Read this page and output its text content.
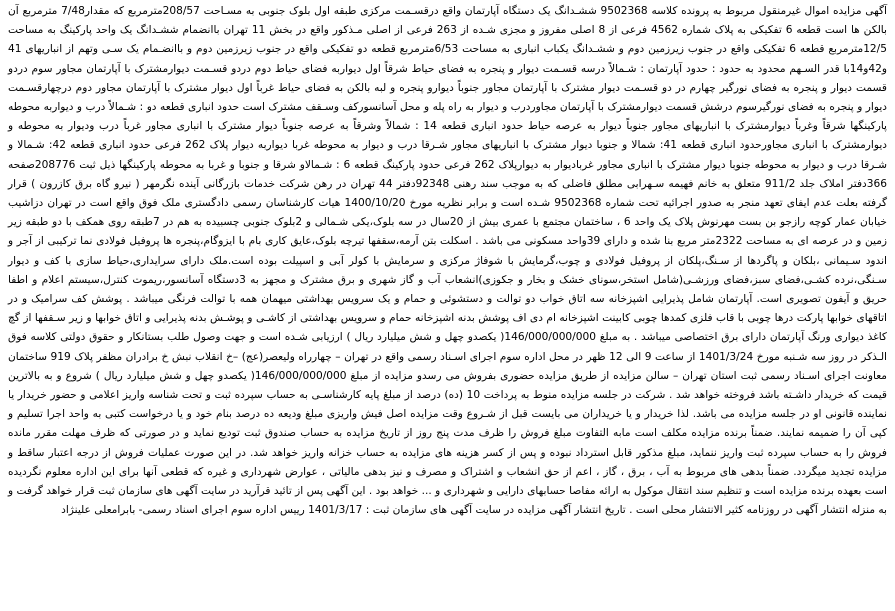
آگهی مزایده اموال غیرمنقول مربوط به پرونده کلاسه 9502368 ششـدانگ یک دستگاه آپارتمان واقع درقسـمت مرکزی طبقه اول بلوک جنوبی به مسـاحت 208/57مترمربع که مقدار7/48 مترمربع آن بالکن ها است قطعه 6 تفکیکی به پلاک شماره 4562 فرعی از 8 اصلی مفروز و مجزی شـده از 263 فرعی از اصلی مـذکور واقع در بخش 11 تهران باانضمام ششـدانگ یک واحد پارکینگ به مساحت 12/5مترمربع قطعه 6 تفکیکی واقع در جنوب زیرزمین دوم و ششـدانگ یکباب انباری به مساحت 6/53مترمربع قطعه دو تفکیکی واقع در جنوب زیرزمین دوم و باانضـمام یک سـی وتهم از انباریهای 41 و42و14با قدر السـهم محدود به حدود : حدود آپارتمان : شـمالاً درسه قسـمت دیوار و پنجره به فضای حیاط شرقاً اول دیواربه فضای حیاط دوم دردو قسـمت دیوارمشترک با آپارتمان مجاور سوم دردو قسمت دیوار و پنجره به فضای نورگیر چهارم در دو قسـمت دیوار مشترک با آپارتمان مجاور جنوباً دیوارو پنجره و لبه بالکن به فضای حیاط غرباً اول دیوار مشترک با آپارتمان مجاور دوم درچهارقسـمت دیوار و پنجره به فضای نورگیرسوم درشش قسمت دیوارمشترک با آپارتمان مجاوردرب و دیوار به راه پله و محل آسانسورکف وسـقف مشترک است حدود انباری قطعه دو : شـمالاً درب و دیواربه محوطه پارکینگها شرقاً وغرباً دیوارمشترک با انباریهای مجاور جنوباً دیوار به عرصه حیاط حدود انباری قطعه 14 : شمالاً وشرقاً به عرصه جنوباً دیوار مشترک با انباری مجاور غرباً درب ودیوار به محوطه و دیوارمشترک با انباری مجاورحدود انباری قطعه 41: شمالا و جنوبا دیوار مشترک با انباریهای مجاور شـرقا درب و دیوار به محوطه غربا دیواربه دیوار پلاک 262 فرعی حدود انباری قطعه 42: شـمالا و شـرقا درب و دیوار به محوطه جنوبا دیوار مشترک با انباری مجاور غربادیوار به دیوارپلاک 262 فرعی حدود پارکینگ قطعه 6 : شـمالاو شرقا و جنوبا و غربا به محوطه پارکینگها ذیل ثبت 208776صفحه 366دفتر املاک جلد 911/2 متعلق به خانم فهیمه سـهرابی مطلق فاضلی که به موجب سند رهنی 92348دفتر 44 تهران در رهن شرکت خدمات بازرگانی آینده نگرمهر ( نیرو گاه برق کازرون ) قرار گرفته بعلت عدم ایفای تعهد منجر به صدور اجرائیه تحت شماره 9502368 شـده است و برابر نظریه مورخ 1400/10/20 هیات کارشناسان رسمی دادگستری ملک فوق واقع است در تهران دزاشیب خیابان عمار کوچه رازجو بن بست مهرنوش پلاک یک واحد 6 ، ساختمان مجتمع با عمری بیش از 20سال در سه بلوک،یکی شـمالی و 2بلوک جنوبی چسبیده به هم در 7طبقه روی همکف با دو طبقه زیر زمین و در عرصه ای به مساحت 2322متر مربع بنا شده و دارای 39واحد مسکونی می باشد . اسکلت بتن آرمه،سقفها تیرچه بلوک،عایق کاری بام با ایزوگام،پنجره ها پروفیل فولادی نما ترکیبی از آجر و اندود سـیمانی ،بلکان و پاگردها از سـنگ،پلکان از پروفیل فولادی و چوب،گرمایش با شوفاژ مرکزی و سرمایش با کولر آبی و اسپیلت بوده است.ملک دارای سرایداری،حیاط سازی با کف و دیوار سـنگی،نرده کشـی،فضای سبز،فضای ورزشـی(شامل استخر،سونای خشک و بخار و جکوزی)انشعاب آب و گاز شهری و برق مشترک و مجهز به 3دستگاه آسانسور،ریموت کنترل،سیستم اعلام و اطفا حریق و آیفون تصویری است. آپارتمان شامل پذیرایی اشپزخانه سه اتاق خواب دو توالت و دستشوئی و حمام و یک سرویس بهداشتی میهمان همه با توالت فرنگی میباشد . پوشش کف سرامیک و در اتاقهای خوابها پارکت درها چوبی با قاب فلزی کمدها چوبی کابینت اشپزخانه ام دی اف پوشش بدنه اشپزخانه حمام و سرویس بهداشتی از کاشـی و پوشـش بدنه پذیرایی و اتاق خوابها و زیر سـقفها از گچ کاغذ دیواری ورنگ آپارتمان دارای برق اختصاصی میباشد . به مبلغ 146/000/000/000( یکصدو چهل و شش میلیارد ریال ) ارزیابی شـده است و جهت وصول طلب بستانکار و حقوق دولتی کلاسه فوق الـذکر در روز سه شـنبه مورخ 1401/3/24 از ساعت 9 الی 12 ظهر در محل اداره سوم اجرای اسـناد رسمی واقع در تهران – چهارراه ولیعصر(عج) –خ انقلاب نبش خ برادران مظفر پلاک 919 ساختمان معاونت اجرای اسـناد رسمی ثبت استان تهران – سالن مزایده از طریق مزایده حضوری بفروش می رسدو مزایده از مبلغ 146/000/000/000( یکصدو چهل و شش میلیارد ریال ) شروع و به بالاترین قیمت که خریدار داشـته باشد فروخته خواهد شد . شرکت در جلسه مزایده منوط به پرداخت 10 (ده) درصد از مبلغ پایه کارشناسـی به حساب سپرده ثبت و تحت شناسه واریز اعلامی و حضور خریدار یا نماینده قانونی او در جلسه مزایده می باشد. لذا خریدار و یا خریداران می بایست قبل از شـروع وقت مزایده اصل فیش واریزی مبلغ ودیعه ده درصد بنام خود و یا درخواست کتبی به واحد اجرا تسلیم و کپی آن را ضمیمه نمایند. ضمناً برنده مزایده مکلف است مابه التفاوت مبلغ فروش را ظرف مدت پنج روز از تاریخ مزایده به حساب صندوق ثبت تودیع نماید و در صورتی که ظرف مهلت مقرر مانده فروش را به حساب سپرده ثبت واریز ننماید، مبلغ مذکور قابل استرداد نبوده و پس از کسر هزینه های مزایده به حساب خزانه واریز خواهد شد. در این صورت عملیات فروش از درجه اعتبار ساقط و مزایده تجدید میگردد. ضمناً بدهی های مربوط به آب ، برق ، گاز ، اعم از حق انشعاب و اشتراک و مصرف و نیز بدهی مالیاتی ، عوارض شهرداری و غیره که قطعی آنها برای این اداره معلوم نگردیده است بعهده برنده مزایده است و تنظیم سند انتقال موکول به ارائه مفاصا حسابهای دارایی و شهرداری و ... خواهد بود . این آگهی پس از تائید قرآرید در سایت آگهی های سازمان ثبت قرار خواهد گرفت و به منزله انتشار آگهی در روزنامه کثیر الانتشار محلی است . تاریخ انتشار آگهی مزایده در سایت آگهی های سازمان ثبت : 1401/3/17 رییس اداره سوم اجرای اسناد رسمی- بابرامعلی علینژاد
